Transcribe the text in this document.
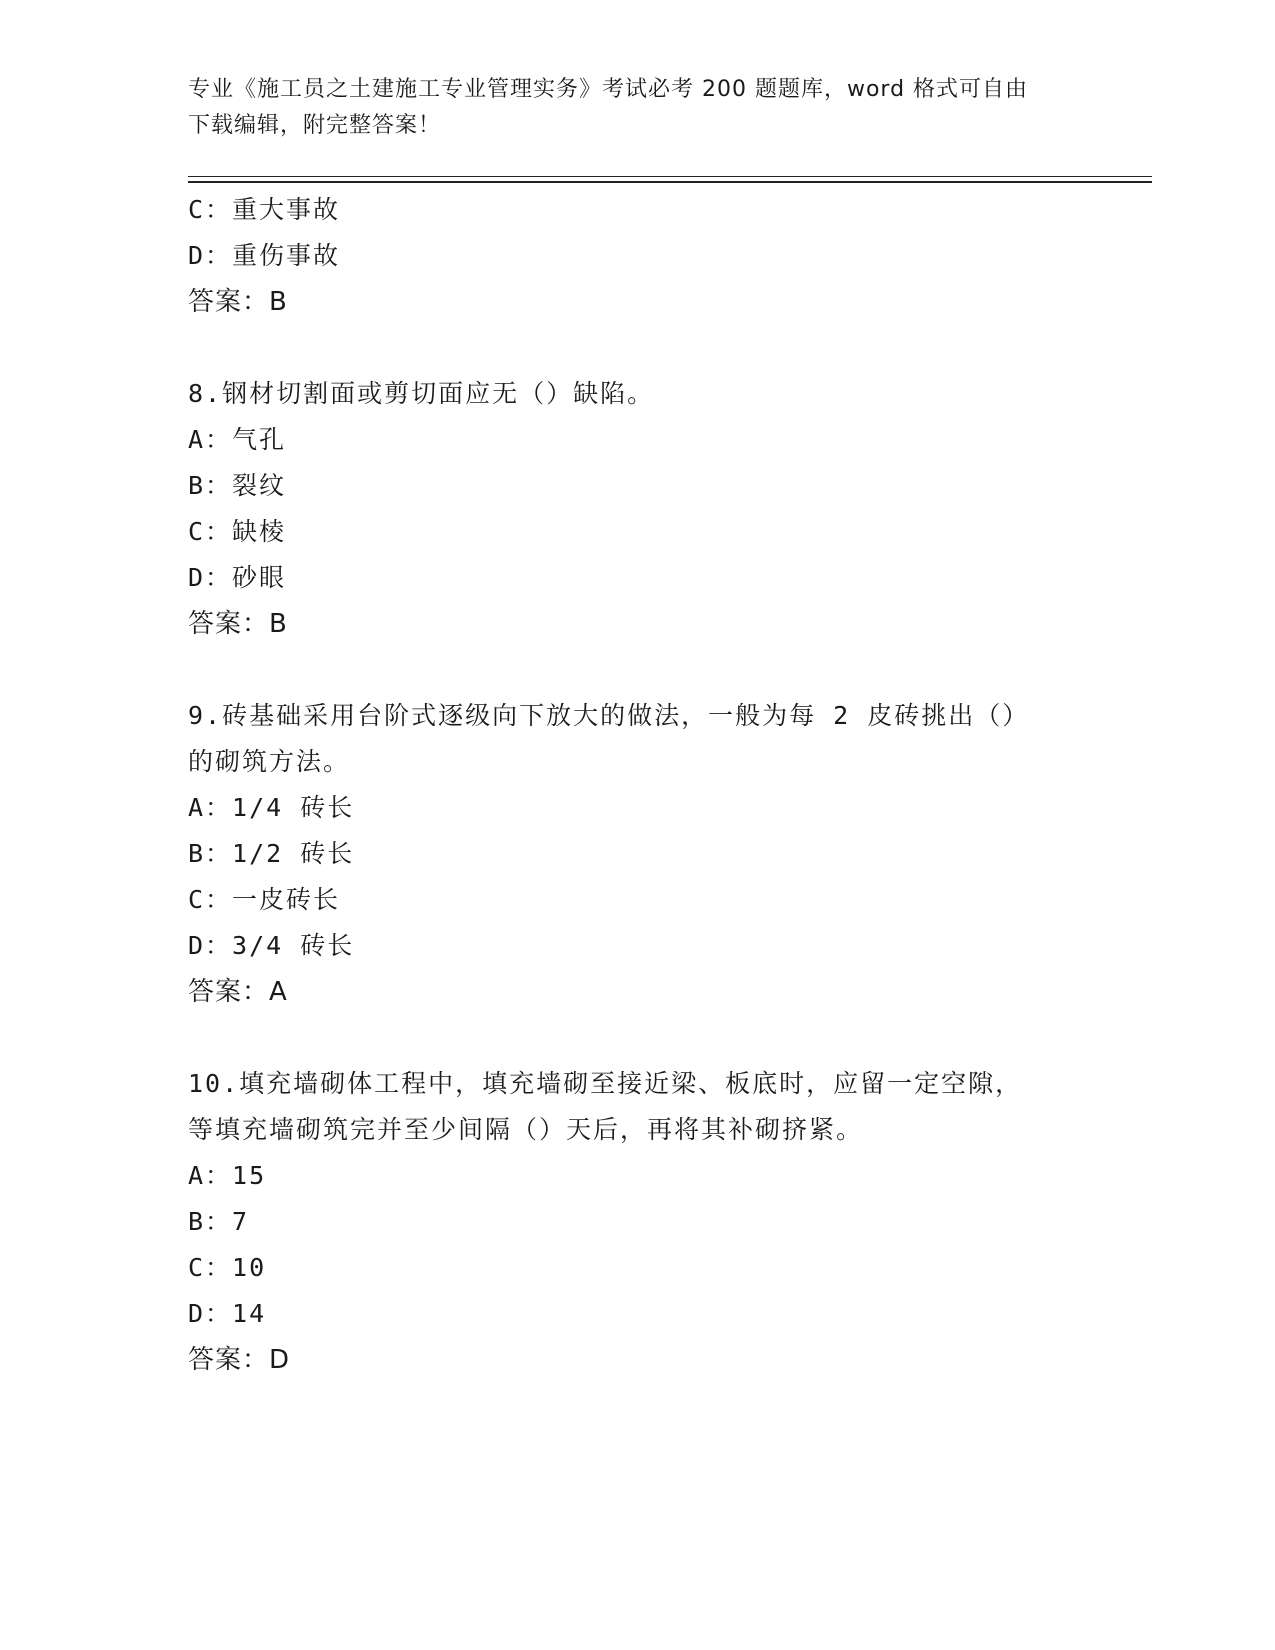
专业《施工员之土建施工专业管理实务》考试必考 200 题题库，word 格式可自由
下载编辑，附完整答案！
C：重大事故
D：重伤事故
答案：B
8.钢材切割面或剪切面应无（）缺陷。
A：气孔
B：裂纹
C：缺棱
D：砂眼
答案：B
9.砖基础采用台阶式逐级向下放大的做法，一般为每 2 皮砖挑出（）
的砌筑方法。
A：1/4 砖长
B：1/2 砖长
C：一皮砖长
D：3/4 砖长
答案：A
10.填充墙砌体工程中，填充墙砌至接近梁、板底时，应留一定空隙，
等填充墙砌筑完并至少间隔（）天后，再将其补砌挤紧。
A：15
B：7
C：10
D：14
答案：D
